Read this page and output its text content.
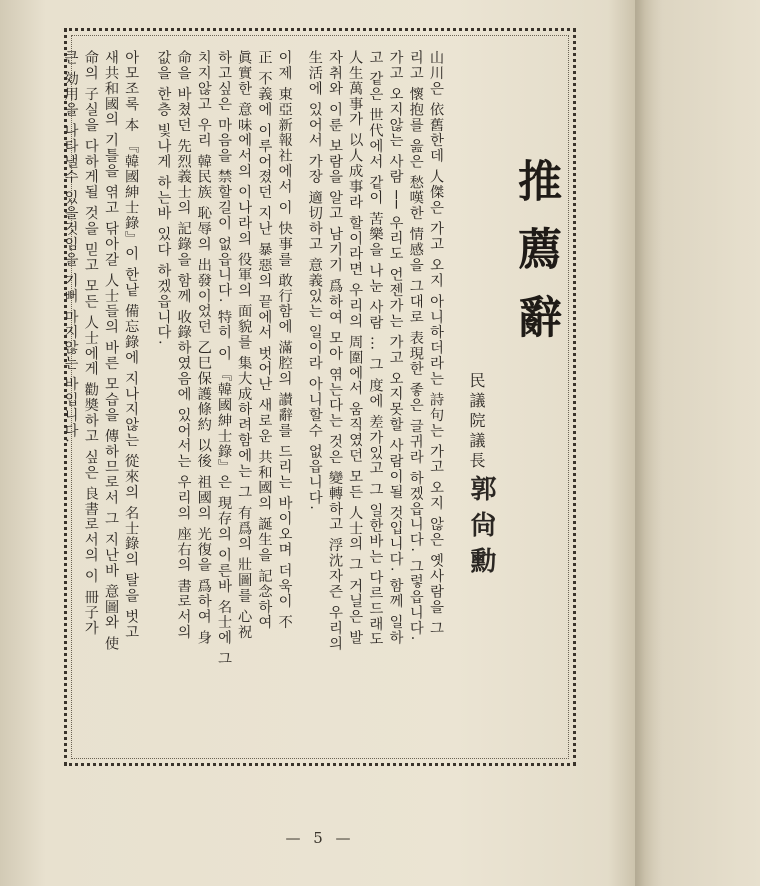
推薦辭
民議院議長
郭尙勳
山川은 依舊한데 人傑은 가고 오지 아니하더라는 詩句는 가고 오지 않은 옛사람을 그
리고 懷抱를 읊은 愁嘆한 情感을 그대로 表現한 좋은 글귀라 하겠읍니다. 그렇읍니다.
가고 오지않는 사람 ── 우리도 언젠가는 가고 오지못할 사람이될 것입니다. 함께 일하
고 같은 世代에서 같이 苦樂을 나눈 사람 … 그 度에 差가있고 그 일한바는 다르드래도
人生萬事가 以人成事라 할이라면 우리의 周圍에서 움직였던 모든 人士의 그 거닐은 발
자취와 이룬 보람을 알고 남기기 爲하여 모아 엮는다는 것은 變轉하고 浮沈자즌 우리의
生活에 있어서 가장 適切하고 意義있는 일이라 아니할수 없읍니다.
이제 東亞新報社에서 이 快事를 敢行함에 滿腔의 讃辭를 드리는 바이오며 더욱이 不
正 不義에 이루어졌던 지난 暴惡의 끝에서 벗어난 새로운 共和國의 誕生을 記念하여
眞實한 意味에서의 이나라의 役軍의 面貌를 集大成하려함에는 그 有爲의 壯圖를 心祝
하고싶은 마음을 禁할길이 없읍니다. 特히 이 『韓國紳士錄』은 現存의 이른바 名士에 그
치지않고 우리 韓民族 恥辱의 出發이었던 乙巳保護條約 以後 祖國의 光復을 爲하여 身
命을 바쳤던 先烈義士의 記錄을 함께 收錄하였음에 있어서는 우리의 座右의 書로서의
값을 한층 빛나게 하는바 있다 하겠읍니다.
아모조록 本 『韓國紳士錄』이 한낱 備忘錄에 지나지않는 從來의 名士錄의 탈을 벗고
새共和國의 기틀을 엮고 닦아갈 人士들의 바른 모습을 傳하므로서 그 지난바 意圖와 使
命의 子실을 다하게될 것을 믿고 모든 人士에게 勸奬하고 싶은 良書로서의 이 冊子가
큰 効用을 나타낼수 있을것임을 기뻐 마지않는 바입니다.
— 5 —
